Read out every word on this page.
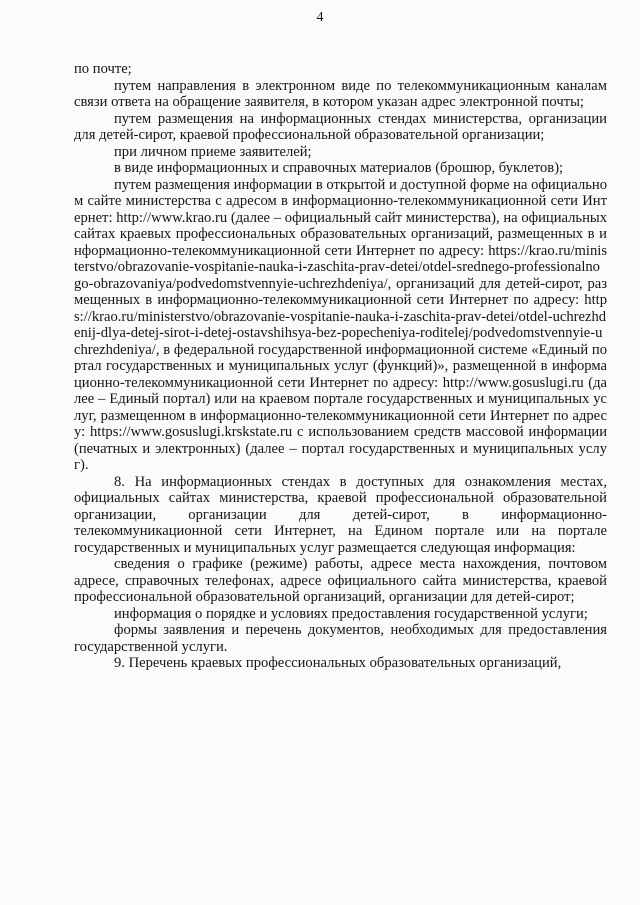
4

по почте;

путем направления в электронном виде по телекоммуникационным каналам связи ответа на обращение заявителя, в котором указан адрес электронной почты;

путем размещения на информационных стендах министерства, организации для детей-сирот, краевой профессиональной образовательной организации;

при личном приеме заявителей;

в виде информационных и справочных материалов (брошюр, буклетов);

путем размещения информации в открытой и доступной форме на официальном сайте министерства с адресом в информационно-телекоммуникационной сети Интернет: http://www.krao.ru (далее – официальный сайт министерства), на официальных сайтах краевых профессиональных образовательных организаций, размещенных в информационно-телекоммуникационной сети Интернет по адресу: https://krao.ru/ministerstvo/obrazovanie-vospitanie-nauka-i-zaschita-prav-detei/otdel-srednego-professionalnogo-obrazovaniya/podvedomstvennyie-uchrezhdeniya/, организаций для детей-сирот, размещенных в информационно-телекоммуникационной сети Интернет по адресу: https://krao.ru/ministerstvo/obrazovanie-vospitanie-nauka-i-zaschita-prav-detei/otdel-uchrezhdenij-dlya-detej-sirot-i-detej-ostavshihsya-bez-popecheniya-roditelej/podvedomstvennyie-uchrezhdeniya/, в федеральной государственной информационной системе «Единый портал государственных и муниципальных услуг (функций)», размещенной в информационно-телекоммуникационной сети Интернет по адресу: http://www.gosuslugi.ru (далее – Единый портал) или на краевом портале государственных и муниципальных услуг, размещенном в информационно-телекоммуникационной сети Интернет по адресу: https://www.gosuslugi.krskstate.ru с использованием средств массовой информации (печатных и электронных) (далее – портал государственных и муниципальных услуг).

8. На информационных стендах в доступных для ознакомления местах, официальных сайтах министерства, краевой профессиональной образовательной организации, организации для детей-сирот, в информационно-телекоммуникационной сети Интернет, на Едином портале или на портале государственных и муниципальных услуг размещается следующая информация:

сведения о графике (режиме) работы, адресе места нахождения, почтовом адресе, справочных телефонах, адресе официального сайта министерства, краевой профессиональной образовательной организаций, организации для детей-сирот;

информация о порядке и условиях предоставления государственной услуги;

формы заявления и перечень документов, необходимых для предоставления государственной услуги.

9. Перечень краевых профессиональных образовательных организаций,
